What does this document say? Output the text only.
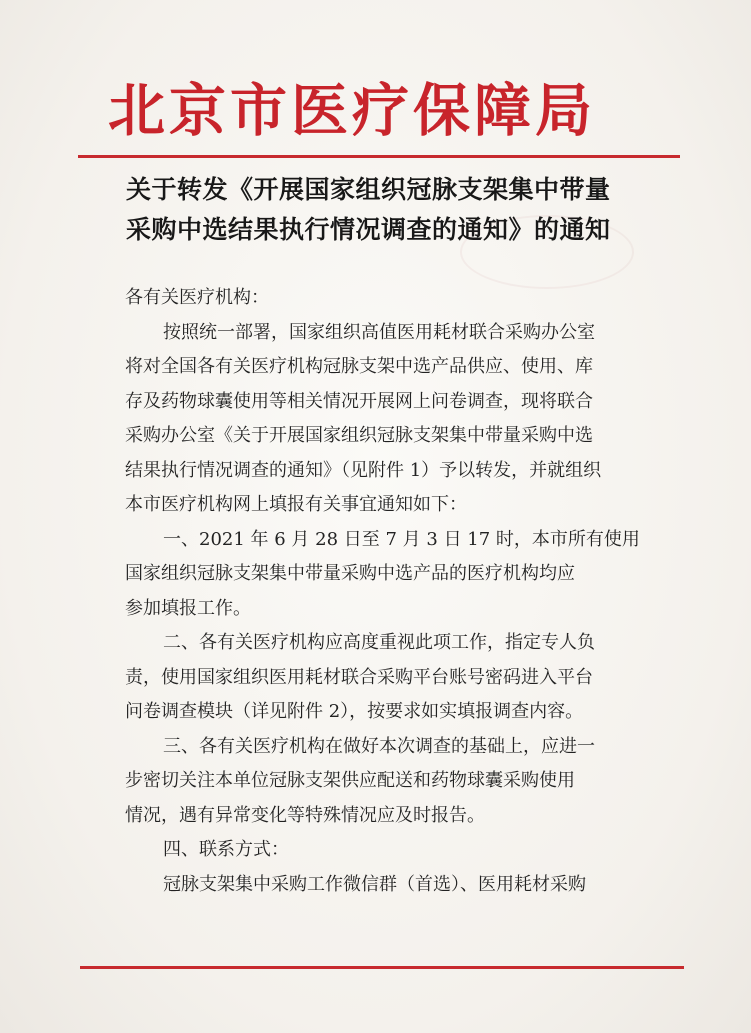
北京市医疗保障局
关于转发《开展国家组织冠脉支架集中带量
采购中选结果执行情况调查的通知》的通知
各有关医疗机构：
按照统一部署，国家组织高值医用耗材联合采购办公室
将对全国各有关医疗机构冠脉支架中选产品供应、使用、库
存及药物球囊使用等相关情况开展网上问卷调查，现将联合
采购办公室《关于开展国家组织冠脉支架集中带量采购中选
结果执行情况调查的通知》（见附件 1）予以转发，并就组织
本市医疗机构网上填报有关事宜通知如下：
一、2021 年 6 月 28 日至 7 月 3 日 17 时，本市所有使用
国家组织冠脉支架集中带量采购中选产品的医疗机构均应
参加填报工作。
二、各有关医疗机构应高度重视此项工作，指定专人负
责，使用国家组织医用耗材联合采购平台账号密码进入平台
问卷调查模块（详见附件 2），按要求如实填报调查内容。
三、各有关医疗机构在做好本次调查的基础上，应进一
步密切关注本单位冠脉支架供应配送和药物球囊采购使用
情况，遇有异常变化等特殊情况应及时报告。
四、联系方式：
冠脉支架集中采购工作微信群（首选）、医用耗材采购
